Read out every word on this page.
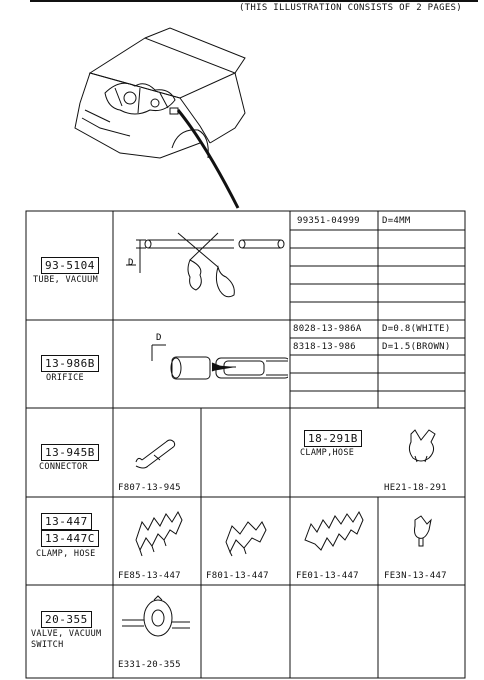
(THIS ILLUSTRATION CONSISTS OF 2 PAGES)
93-5104
TUBE, VACUUM
D
99351-04999 D=4MM
13-986B
ORIFICE
D
8028-13-986A D=0.8(WHITE)
8318-13-986	D=1.5(BROWN)
13-945B
CONNECTOR
F807-13-945
18-291B
CLAMP,HOSE
HE21-18-291
13-447
13-447C
CLAMP, HOSE
FE85-13-447	F801-13-447	FE01-13-447	FE3N-13-447
20-355
VALVE, VACUUM
SWITCH
E331-20-355
